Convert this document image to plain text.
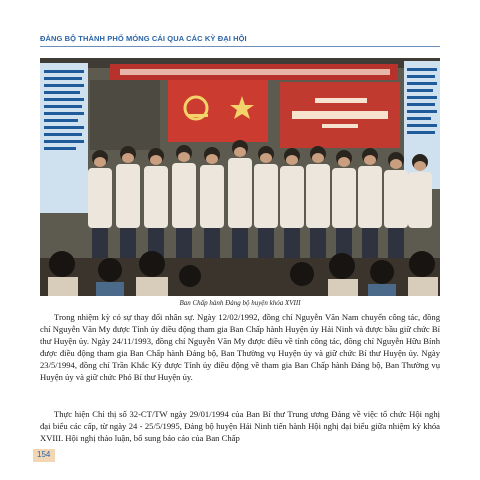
ĐẢNG BỘ THÀNH PHỐ MÓNG CÁI QUA CÁC KỲ ĐẠI HỘI
Ban Chấp hành Đảng bộ huyện khóa XVIII

Trong nhiệm kỳ có sự thay đổi nhân sự. Ngày 12/02/1992, đồng chí Nguyễn Văn Nam chuyển công tác, đồng chí Nguyễn Văn My được Tỉnh ủy điều động tham gia Ban Chấp hành Huyện ủy Hải Ninh và được bầu giữ chức Bí thư Huyện ủy. Ngày 24/11/1993, đồng chí Nguyễn Văn My được điều về tỉnh công tác, đồng chí Nguyễn Hữu Bính được điều động tham gia Ban Chấp hành Đảng bộ, Ban Thường vụ Huyện ủy và giữ chức Bí thư Huyện ủy. Ngày 23/5/1994, đồng chí Trần Khắc Kỳ được Tỉnh ủy điều động về tham gia Ban Chấp hành Đảng bộ, Ban Thường vụ Huyện ủy và giữ chức Phó Bí thư Huyện ủy.

Thực hiện Chỉ thị số 32-CT/TW ngày 29/01/1994 của Ban Bí thư Trung ương Đảng về việc tổ chức Hội nghị đại biểu các cấp, từ ngày 24 - 25/5/1995, Đảng bộ huyện Hải Ninh tiến hành Hội nghị đại biểu giữa nhiệm kỳ khóa XVIII. Hội nghị thảo luận, bổ sung báo cáo của Ban Chấp

154
